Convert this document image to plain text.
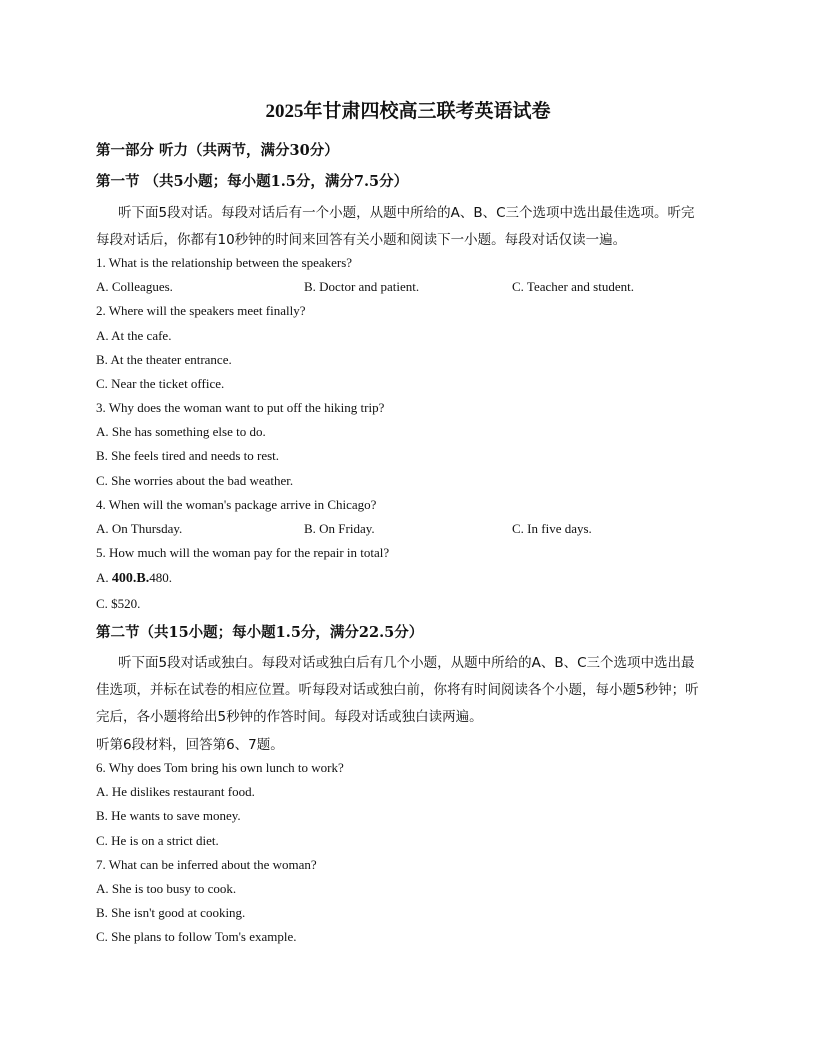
2025年甘肃四校高三联考英语试卷
第一部分 听力（共两节，满分30分）
第一节 （共5小题；每小题1.5分，满分7.5分）
听下面5段对话。每段对话后有一个小题，从题中所给的A、B、C三个选项中选出最佳选项。听完
每段对话后，你都有10秒钟的时间来回答有关小题和阅读下一小题。每段对话仅读一遍。
1. What is the relationship between the speakers?
A. Colleagues.	B. Doctor and patient.	C. Teacher and student.
2. Where will the speakers meet finally?
A. At the cafe.
B. At the theater entrance.
C. Near the ticket office.
3. Why does the woman want to put off the hiking trip?
A. She has something else to do.
B. She feels tired and needs to rest.
C. She worries about the bad weather.
4. When will the woman's package arrive in Chicago?
A. On Thursday.	B. On Friday.	C. In five days.
5. How much will the woman pay for the repair in total?
A. 400.B.480.
C. $520.
第二节（共15小题；每小题1.5分，满分22.5分）
听下面5段对话或独白。每段对话或独白后有几个小题，从题中所给的A、B、C三个选项中选出最
佳选项，并标在试卷的相应位置。听每段对话或独白前，你将有时间阅读各个小题，每小题5秒钟；听
完后，各小题将给出5秒钟的作答时间。每段对话或独白读两遍。
听第6段材料，回答第6、7题。
6. Why does Tom bring his own lunch to work?
A. He dislikes restaurant food.
B. He wants to save money.
C. He is on a strict diet.
7. What can be inferred about the woman?
A. She is too busy to cook.
B. She isn't good at cooking.
C. She plans to follow Tom's example.
